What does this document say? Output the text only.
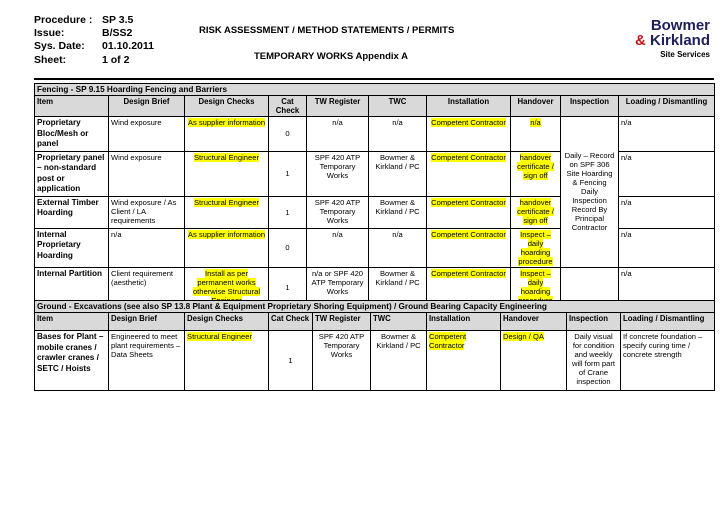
Procedure : SP 3.5
Issue:	B/SS2
Sys. Date:	01.10.2011
Sheet:	1 of 2
RISK ASSESSMENT / METHOD STATEMENTS / PERMITS
TEMPORARY WORKS Appendix A
Bowmer
& Kirkland
Site Services
Fencing - SP 9.15 Hoarding Fencing and Barriers									
Item	Design Brief	Design Checks	Cat Check	TW Register	TWC	Installation	Handover	Inspection	Loading / Dismantling
Proprietary Bloc/Mesh or panel	Wind exposure	As supplier information	0	n/a	n/a	Competent Contractor	n/a	Daily – Record on SPF 306 Site Hoarding & Fencing Daily Inspection Record By Principal Contractor	n/a
Proprietary panel – non-standard post or application	Wind exposure	Structural Engineer	1	SPF 420 ATP Temporary Works	Bowmer & Kirkland / PC	Competent Contractor	handover certificate / sign off		n/a
External Timber Hoarding	Wind exposure / As Client / LA requirements	Structural Engineer	1	SPF 420 ATP Temporary Works	Bowmer & Kirkland / PC	Competent Contractor	handover certificate / sign off		n/a
Internal Proprietary Hoarding	n/a	As supplier information	0	n/a	n/a	Competent Contractor	Inspect – daily hoarding procedure		n/a
Internal Partition	Client requirement (aesthetic)	Install as per permanent works otherwise Structural	1	n/a or SPF 420 ATP Temporary Works	Bowmer & Kirkland / PC	Competent Contractor	Inspect – daily hoarding		n/a
Ground - Excavations (see also SP 13.8 Plant & Equipment Proprietary Shoring Equipment) / Ground Bearing Capacity Engineering									
Item	Design Brief	Design Checks	Cat Check	TW Register	TWC	Installation	Handover	Inspection	Loading / Dismantling
Bases for Plant – mobile cranes / crawler cranes / SETC / Hoists	Engineered to meet plant requirements – Data Sheets	Structural Engineer	1	SPF 420 ATP Temporary Works	Bowmer & Kirkland / PC	Competent Contractor	Design / QA	Daily visual for condition and weekly will form part of Crane inspection	If concrete foundation – specify curing time / concrete strength
